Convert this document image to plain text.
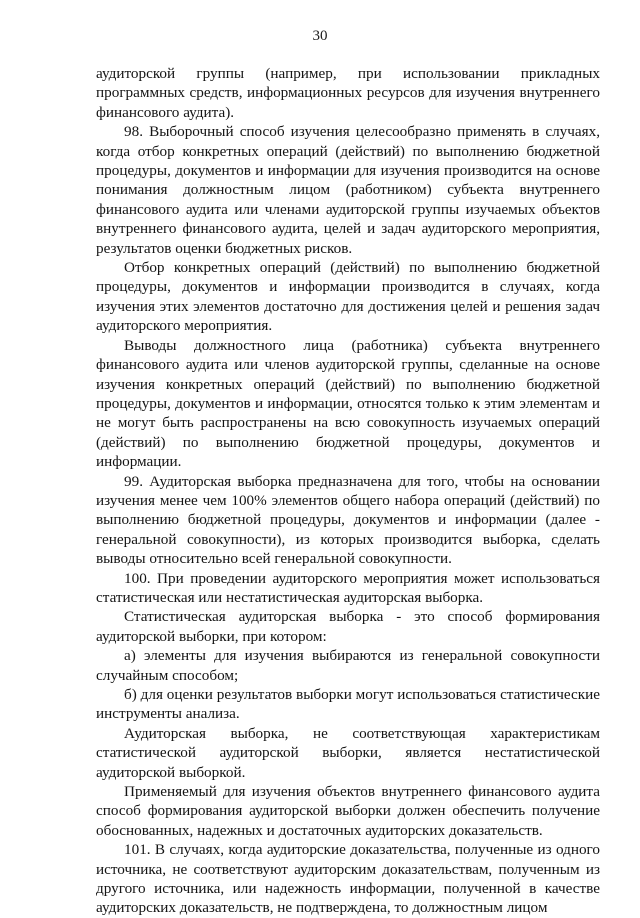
30

аудиторской группы (например, при использовании прикладных программных средств, информационных ресурсов для изучения внутреннего финансового аудита).

98. Выборочный способ изучения целесообразно применять в случаях, когда отбор конкретных операций (действий) по выполнению бюджетной процедуры, документов и информации для изучения производится на основе понимания должностным лицом (работником) субъекта внутреннего финансового аудита или членами аудиторской группы изучаемых объектов внутреннего финансового аудита, целей и задач аудиторского мероприятия, результатов оценки бюджетных рисков.

Отбор конкретных операций (действий) по выполнению бюджетной процедуры, документов и информации производится в случаях, когда изучения этих элементов достаточно для достижения целей и решения задач аудиторского мероприятия.

Выводы должностного лица (работника) субъекта внутреннего финансового аудита или членов аудиторской группы, сделанные на основе изучения конкретных операций (действий) по выполнению бюджетной процедуры, документов и информации, относятся только к этим элементам и не могут быть распространены на всю совокупность изучаемых операций (действий) по выполнению бюджетной процедуры, документов и информации.

99. Аудиторская выборка предназначена для того, чтобы на основании изучения менее чем 100% элементов общего набора операций (действий) по выполнению бюджетной процедуры, документов и информации (далее - генеральной совокупности), из которых производится выборка, сделать выводы относительно всей генеральной совокупности.

100. При проведении аудиторского мероприятия может использоваться статистическая или нестатистическая аудиторская выборка.

Статистическая аудиторская выборка - это способ формирования аудиторской выборки, при котором:

а) элементы для изучения выбираются из генеральной совокупности случайным способом;

б) для оценки результатов выборки могут использоваться статистические инструменты анализа.

Аудиторская выборка, не соответствующая характеристикам статистической аудиторской выборки, является нестатистической аудиторской выборкой.

Применяемый для изучения объектов внутреннего финансового аудита способ формирования аудиторской выборки должен обеспечить получение обоснованных, надежных и достаточных аудиторских доказательств.

101. В случаях, когда аудиторские доказательства, полученные из одного источника, не соответствуют аудиторским доказательствам, полученным из другого источника, или надежность информации, полученной в качестве аудиторских доказательств, не подтверждена, то должностным лицом
